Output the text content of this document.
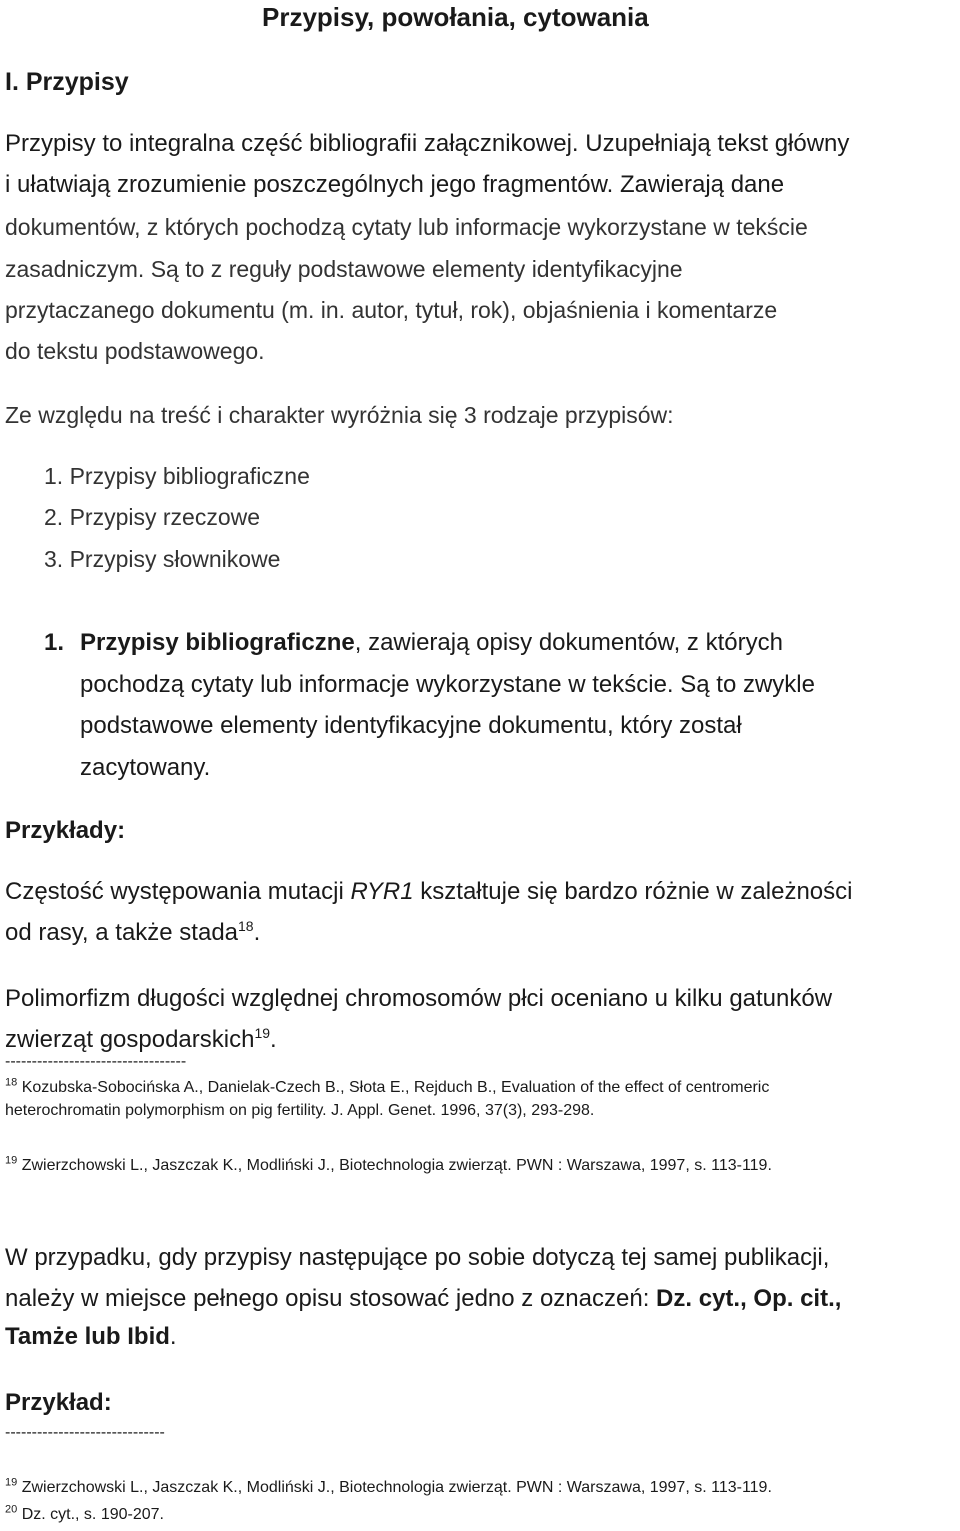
Przypisy, powołania, cytowania
I. Przypisy
Przypisy to integralna część bibliografii załącznikowej. Uzupełniają tekst główny
i ułatwiają zrozumienie poszczególnych jego fragmentów. Zawierają dane
dokumentów, z których pochodzą cytaty lub informacje wykorzystane w tekście
zasadniczym. Są to z reguły podstawowe elementy identyfikacyjne
przytaczanego dokumentu (m. in. autor, tytuł, rok), objaśnienia i komentarze
do tekstu podstawowego.
Ze względu na treść i charakter wyróżnia się 3 rodzaje przypisów:
1. Przypisy bibliograficzne
2. Przypisy rzeczowe
3. Przypisy słownikowe
1. Przypisy bibliograficzne, zawierają opisy dokumentów, z których
pochodzą cytaty lub informacje wykorzystane w tekście. Są to zwykle
podstawowe elementy identyfikacyjne dokumentu, który został
zacytowany.
Przykłady:
Częstość występowania mutacji RYR1 kształtuje się bardzo różnie w zależności
od rasy, a także stada$^{18}$.
Polimorfizm długości względnej chromosomów płci oceniano u kilku gatunków
zwierząt gospodarskich$^{19}$.
----------------------------------
$^{18}$ Kozubska-Sobocińska A., Danielak-Czech B., Słota E., Rejduch B., Evaluation of the effect of centromeric
heterochromatin polymorphism on pig fertility. J. Appl. Genet. 1996, 37(3), 293-298.
$^{19}$ Zwierzchowski L., Jaszczak K., Modliński J., Biotechnologia zwierząt. PWN : Warszawa, 1997, s. 113-119.
W przypadku, gdy przypisy następujące po sobie dotyczą tej samej publikacji,
należy w miejsce pełnego opisu stosować jedno z oznaczeń: Dz. cyt., Op. cit.,
Tamże lub Ibid.
Przykład:
------------------------------
$^{19}$ Zwierzchowski L., Jaszczak K., Modliński J., Biotechnologia zwierząt. PWN : Warszawa, 1997, s. 113-119.
$^{20}$ Dz. cyt., s. 190-207.
